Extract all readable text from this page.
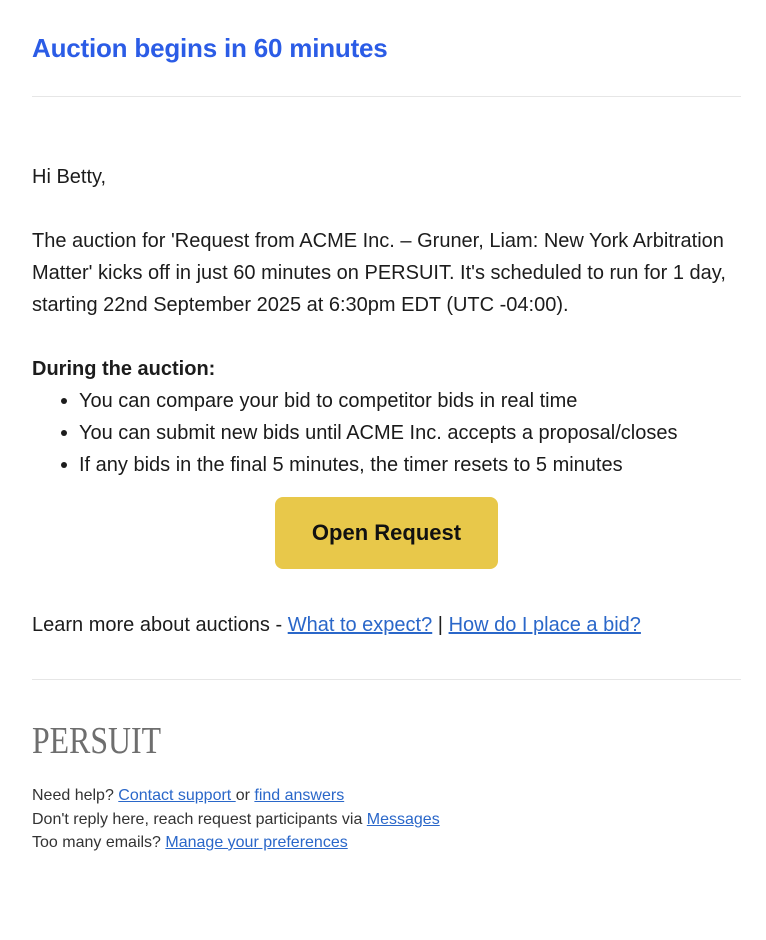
Auction begins in 60 minutes

Hi Betty,

The auction for 'Request from ACME Inc. – Gruner, Liam: New York Arbitration Matter' kicks off in just 60 minutes on PERSUIT. It's scheduled to run for 1 day, starting 22nd September 2025 at 6:30pm EDT (UTC -04:00).

During the auction:

You can compare your bid to competitor bids in real time
You can submit new bids until ACME Inc. accepts a proposal/closes
If any bids in the final 5 minutes, the timer resets to 5 minutes
Open Request

Learn more about auctions - What to expect? | How do I place a bid?

PERSUIT

Need help? Contact support or find answers

Don't reply here, reach request participants via Messages

Too many emails? Manage your preferences
